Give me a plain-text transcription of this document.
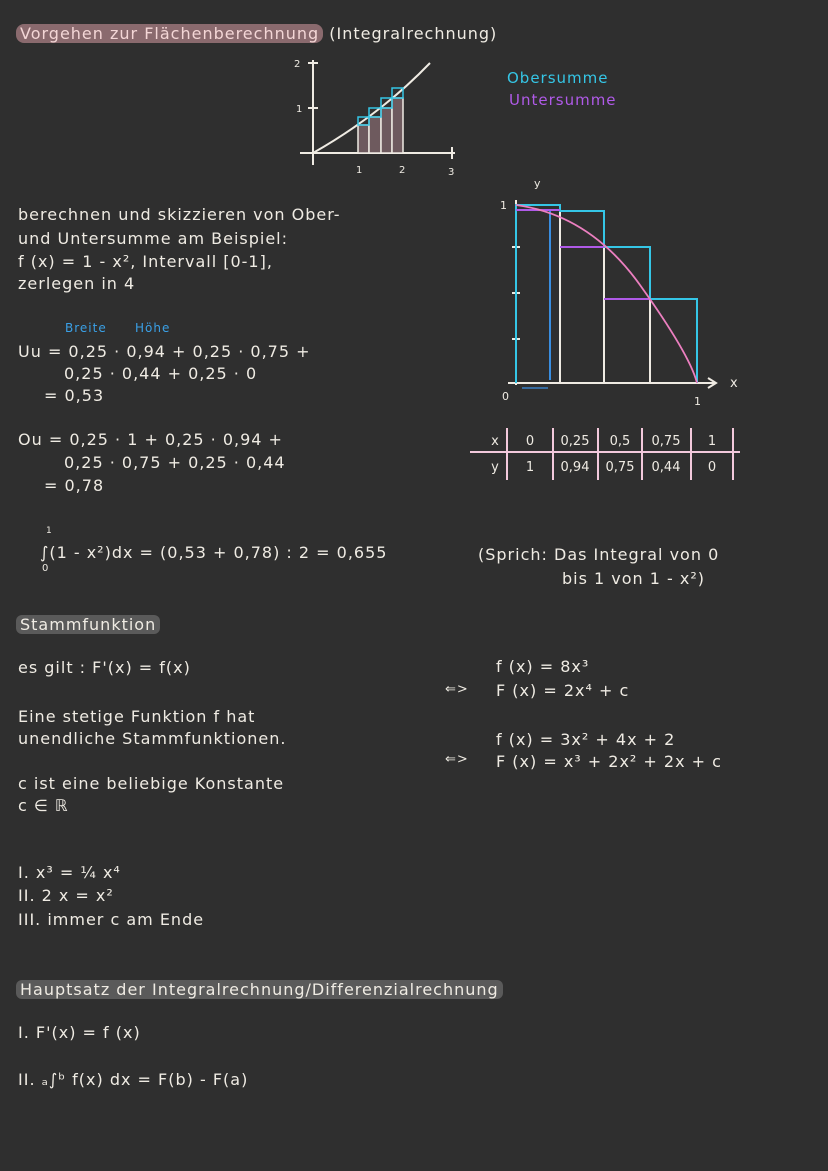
Vorgehen zur Flächenberechnung (Integralrechnung)
2
1
1	2	3
Obersumme
Untersumme
berechnen und skizzieren von Ober-
und Untersumme am Beispiel:
f (x) = 1 - x², Intervall [0-1],
zerlegen in 4
Breite Höhe
Uu = 0,25 · 0,94 + 0,25 · 0,75 +
0,25 · 0,44 + 0,25 · 0
= 0,53
Ou = 0,25 · 1 + 0,25 · 0,94 +
0,25 · 0,75 + 0,25 · 0,44
= 0,78
y
1
x
0	1
x 0 0,25 0,5 0,75 1
y 1 0,94 0,75 0,44 0
1
0
∫(1 - x²)dx = (0,53 + 0,78) : 2 = 0,655	(Sprich: Das Integral von 0
bis 1 von 1 - x²)
Stammfunktion
es gilt : F'(x) = f(x)
Eine stetige Funktion f hat
unendliche Stammfunktionen.
c ist eine beliebige Konstante
c ∈ ℝ
⇐>
f (x) = 8x³
F (x) = 2x⁴ + c
⇐>
f (x) = 3x² + 4x + 2
F (x) = x³ + 2x² + 2x + c
I. x³ = ¼ x⁴
II. 2 x = x²
III. immer c am Ende
Hauptsatz der Integralrechnung/Differenzialrechnung
I. F'(x) = f (x)
II. ₐ∫ᵇ f(x) dx = F(b) - F(a)
